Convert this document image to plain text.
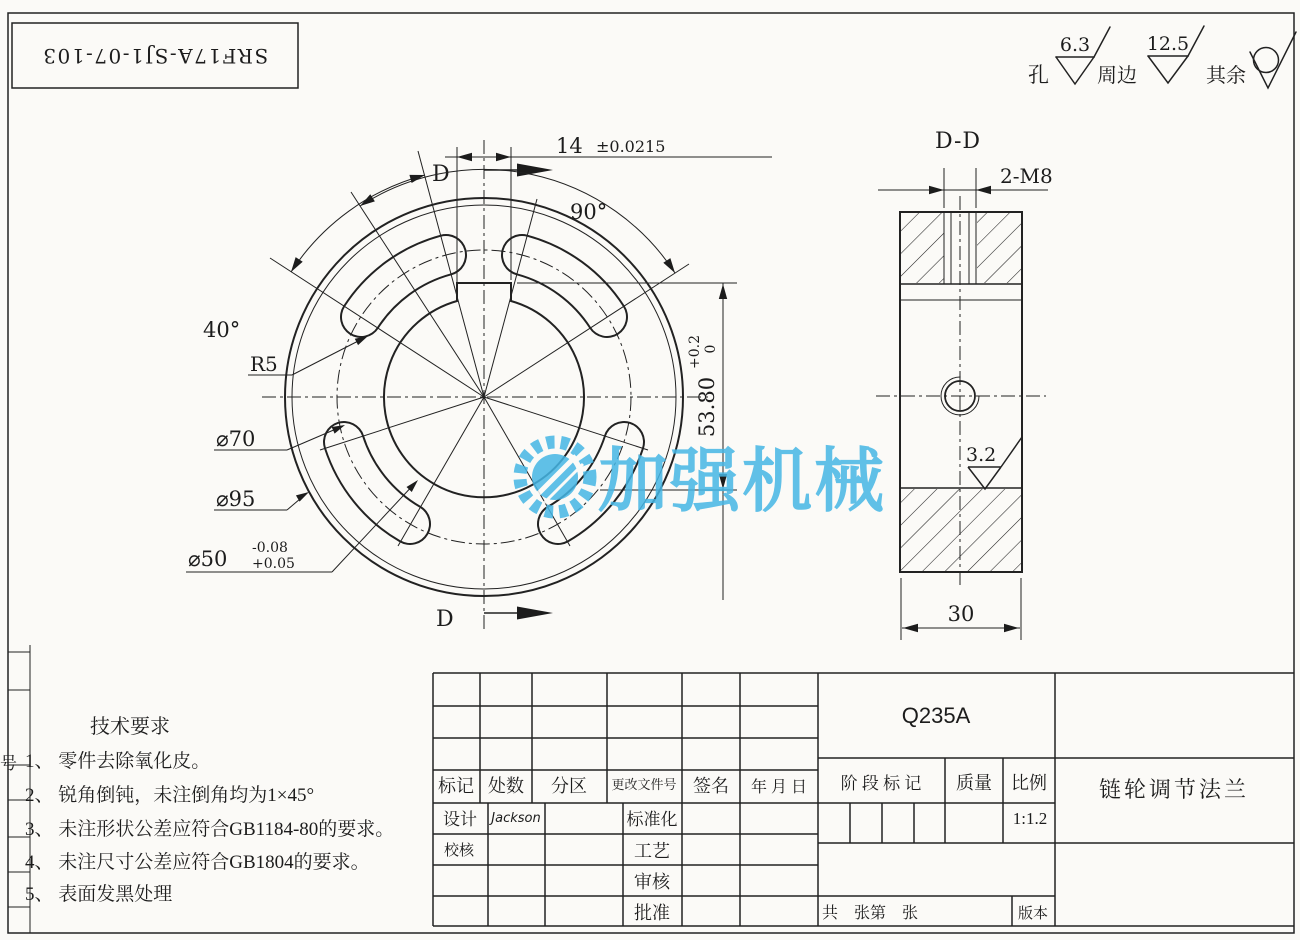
SRF17A-SJ1-07-103
号
孔
6.3
周边
12.5
其余
14 ±0.0215
D
D
90°
40°
R5
⌀70
⌀95
⌀50 -0.08
+0.05
53.80
+0.2 0
D-D
2-M8
3.2
30
技术要求
1、 零件去除氧化皮。
2、 锐角倒钝，未注倒角均为1×45°
3、 未注形状公差应符合GB1184-80的要求。
4、 未注尺寸公差应符合GB1804的要求。
5、 表面发黑处理
标记 处数 分区 更改文件号 签名 年 月 日
设计 Jackson	标准化
校核	工艺
审核
批准
Q235A
阶 段 标 记 质量 比例
1:1.2
链轮调节法兰
共　张第　张	版本
加强机械
